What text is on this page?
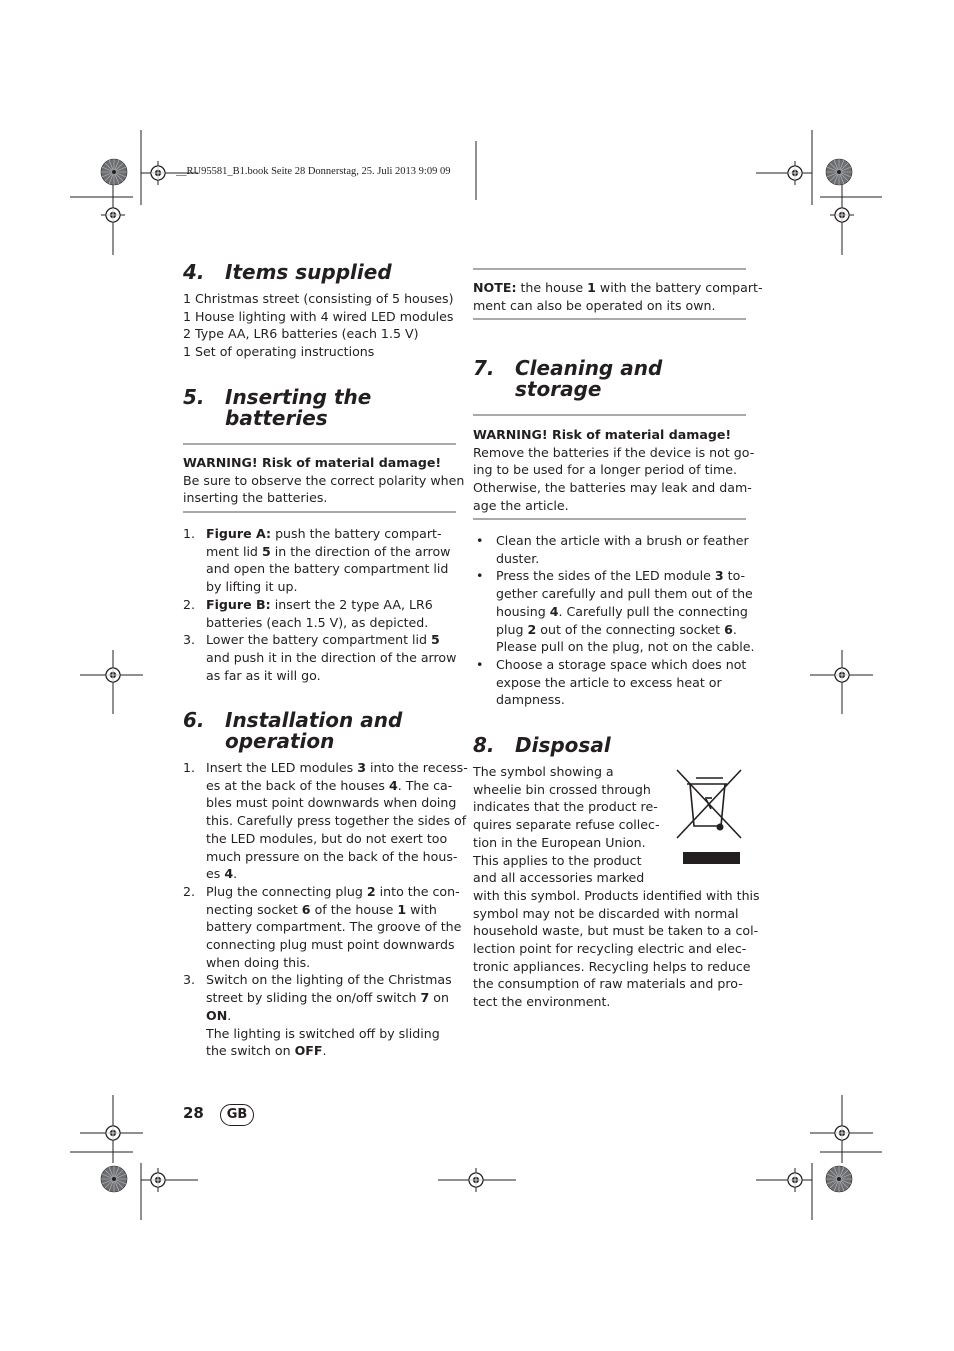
__RU95581_B1.book Seite 28 Donnerstag, 25. Juli 2013 9:09 09
4.	Items supplied
1 Christmas street (consisting of 5 houses)
1 House lighting with 4 wired LED modules
2 Type AA, LR6 batteries (each 1.5 V)
1 Set of operating instructions
5.	Inserting the
batteries
WARNING! Risk of material damage!
Be sure to observe the correct polarity when
inserting the batteries.
1. Figure A: push the battery compart-
ment lid 5 in the direction of the arrow
and open the battery compartment lid
by lifting it up.
2. Figure B: insert the 2 type AA, LR6
batteries (each 1.5 V), as depicted.
3. Lower the battery compartment lid 5
and push it in the direction of the arrow
as far as it will go.
6.	Installation and
operation
1. Insert the LED modules 3 into the recess-
es at the back of the houses 4. The ca-
bles must point downwards when doing
this. Carefully press together the sides of
the LED modules, but do not exert too
much pressure on the back of the hous-
es 4.
2. Plug the connecting plug 2 into the con-
necting socket 6 of the house 1 with
battery compartment. The groove of the
connecting plug must point downwards
when doing this.
3. Switch on the lighting of the Christmas
street by sliding the on/off switch 7 on
ON.
The lighting is switched off by sliding
the switch on OFF.
NOTE: the house 1 with the battery compart-
ment can also be operated on its own.
7.	Cleaning and
storage
WARNING! Risk of material damage!
Remove the batteries if the device is not go-
ing to be used for a longer period of time.
Otherwise, the batteries may leak and dam-
age the article.
• Clean the article with a brush or feather
duster.
• Press the sides of the LED module 3 to-
gether carefully and pull them out of the
housing 4. Carefully pull the connecting
plug 2 out of the connecting socket 6.
Please pull on the plug, not on the cable.
• Choose a storage space which does not
expose the article to excess heat or
dampness.
8.	Disposal
The symbol showing a
wheelie bin crossed through
indicates that the product re-
quires separate refuse collec-
tion in the European Union.
This applies to the product
and all accessories marked
with this symbol. Products identified with this
symbol may not be discarded with normal
household waste, but must be taken to a col-
lection point for recycling electric and elec-
tronic appliances. Recycling helps to reduce
the consumption of raw materials and pro-
tect the environment.
28	GB
